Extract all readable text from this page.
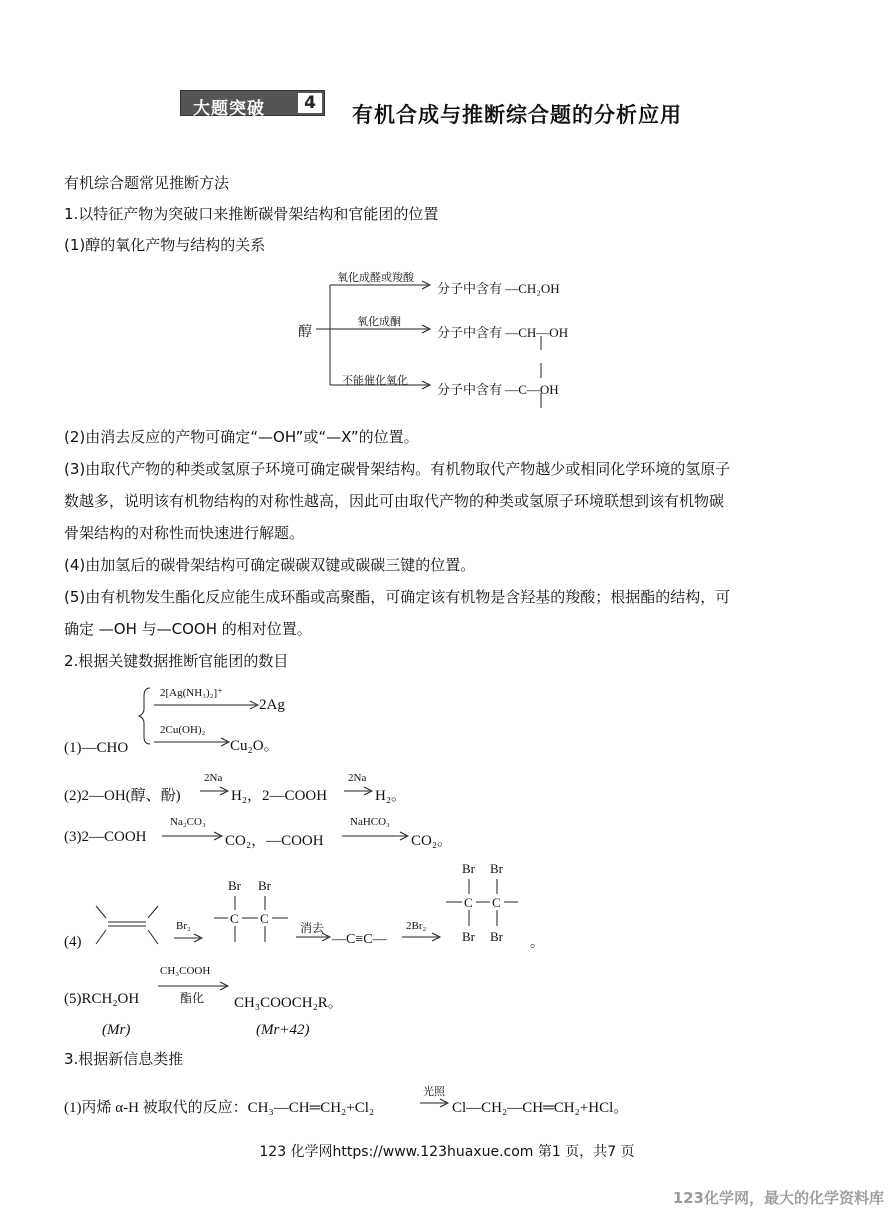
大题突破	4 有机合成与推断综合题的分析应用
有机综合题常见推断方法
1.以特征产物为突破口来推断碳骨架结构和官能团的位置
(1)醇的氧化产物与结构的关系
醇
氧化成醛或羧酸
分子中含有 —CH₂OH
氧化成酮
分子中含有 —CH—OH
不能催化氧化
分子中含有 —C—OH
(2)由消去反应的产物可确定“—OH”或“—X”的位置。
(3)由取代产物的种类或氢原子环境可确定碳骨架结构。有机物取代产物越少或相同化学环境的氢原子
数越多，说明该有机物结构的对称性越高，因此可由取代产物的种类或氢原子环境联想到该有机物碳
骨架结构的对称性而快速进行解题。
(4)由加氢后的碳骨架结构可确定碳碳双键或碳碳三键的位置。
(5)由有机物发生酯化反应能生成环酯或高聚酯，可确定该有机物是含羟基的羧酸；根据酯的结构，可
确定 —OH 与—COOH 的相对位置。
2.根据关键数据推断官能团的数目
(1)—CHO
2[Ag(NH₃)₂]⁺
2Ag
2Cu(OH)₂
Cu₂O。
(2)2—OH(醇、酚)
2Na
H₂，2—COOH
2Na
H₂。
(3)2—COOH
Na₂CO₃
CO₂，—COOH
NaHCO₃
CO₂。
(4)
Br₂
Br Br
C C
消去
—C≡C—
2Br₂
Br Br
C C
Br Br 。
(5)RCH₂OH
CH₃COOH
酯化 CH₃COOCH₂R。
(Mr)	(Mr+42)
3.根据新信息类推
(1)丙烯 α-H 被取代的反应：CH₃—CH═CH₂+Cl₂
光照
Cl—CH₂—CH═CH₂+HCl。
123 化学网https://www.123huaxue.com 第1 页，共7 页
123化学网，最大的化学资料库
